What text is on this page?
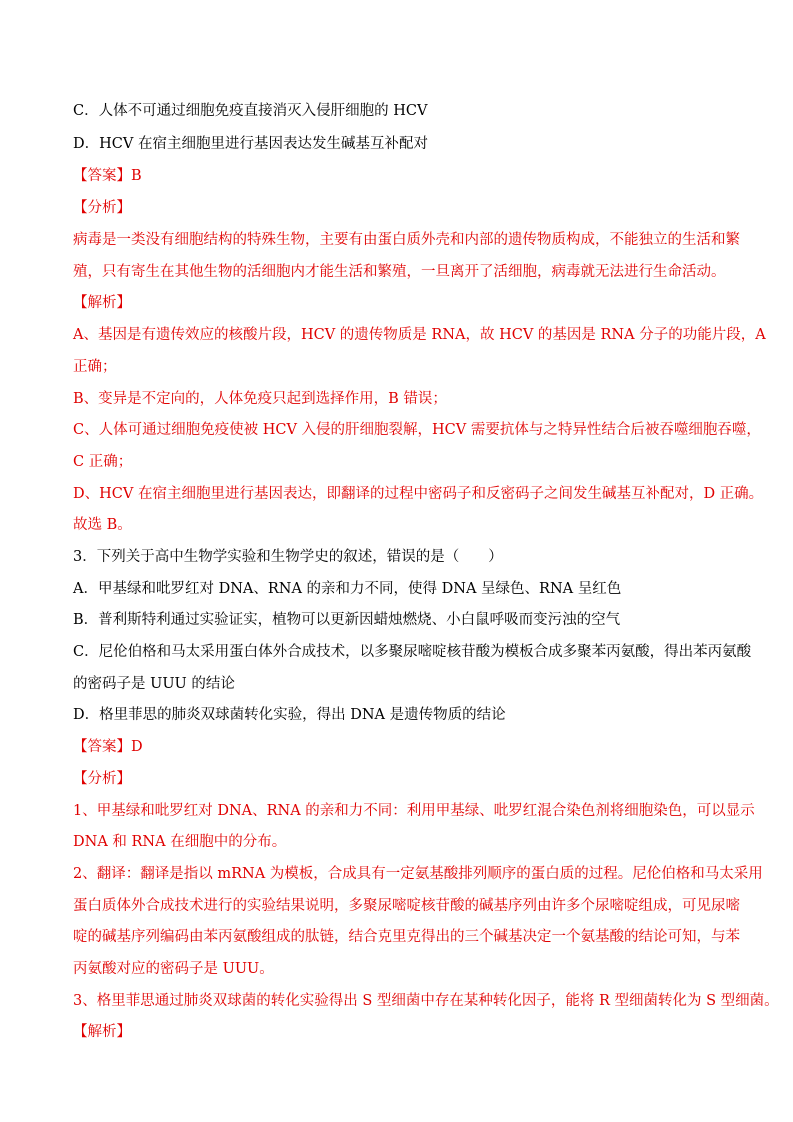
C．人体不可通过细胞免疫直接消灭入侵肝细胞的 HCV
D．HCV 在宿主细胞里进行基因表达发生碱基互补配对
【答案】B
【分析】
病毒是一类没有细胞结构的特殊生物，主要有由蛋白质外壳和内部的遗传物质构成，不能独立的生活和繁
殖，只有寄生在其他生物的活细胞内才能生活和繁殖，一旦离开了活细胞，病毒就无法进行生命活动。
【解析】
A、基因是有遗传效应的核酸片段，HCV 的遗传物质是 RNA，故 HCV 的基因是 RNA 分子的功能片段，A
正确；
B、变异是不定向的，人体免疫只起到选择作用，B 错误；
C、人体可通过细胞免疫使被 HCV 入侵的肝细胞裂解，HCV 需要抗体与之特异性结合后被吞噬细胞吞噬，
C 正确；
D、HCV 在宿主细胞里进行基因表达，即翻译的过程中密码子和反密码子之间发生碱基互补配对，D 正确。
故选 B。
3．下列关于高中生物学实验和生物学史的叙述，错误的是（　　）
A．甲基绿和吡罗红对 DNA、RNA 的亲和力不同，使得 DNA 呈绿色、RNA 呈红色
B．普利斯特利通过实验证实，植物可以更新因蜡烛燃烧、小白鼠呼吸而变污浊的空气
C．尼伦伯格和马太采用蛋白体外合成技术，以多聚尿嘧啶核苷酸为模板合成多聚苯丙氨酸，得出苯丙氨酸
的密码子是 UUU 的结论
D．格里菲思的肺炎双球菌转化实验，得出 DNA 是遗传物质的结论
【答案】D
【分析】
1、甲基绿和吡罗红对 DNA、RNA 的亲和力不同：利用甲基绿、吡罗红混合染色剂将细胞染色，可以显示
DNA 和 RNA 在细胞中的分布。
2、翻译：翻译是指以 mRNA 为模板，合成具有一定氨基酸排列顺序的蛋白质的过程。尼伦伯格和马太采用
蛋白质体外合成技术进行的实验结果说明，多聚尿嘧啶核苷酸的碱基序列由许多个尿嘧啶组成，可见尿嘧
啶的碱基序列编码由苯丙氨酸组成的肽链，结合克里克得出的三个碱基决定一个氨基酸的结论可知，与苯
丙氨酸对应的密码子是 UUU。
3、格里菲思通过肺炎双球菌的转化实验得出 S 型细菌中存在某种转化因子，能将 R 型细菌转化为 S 型细菌。
【解析】
